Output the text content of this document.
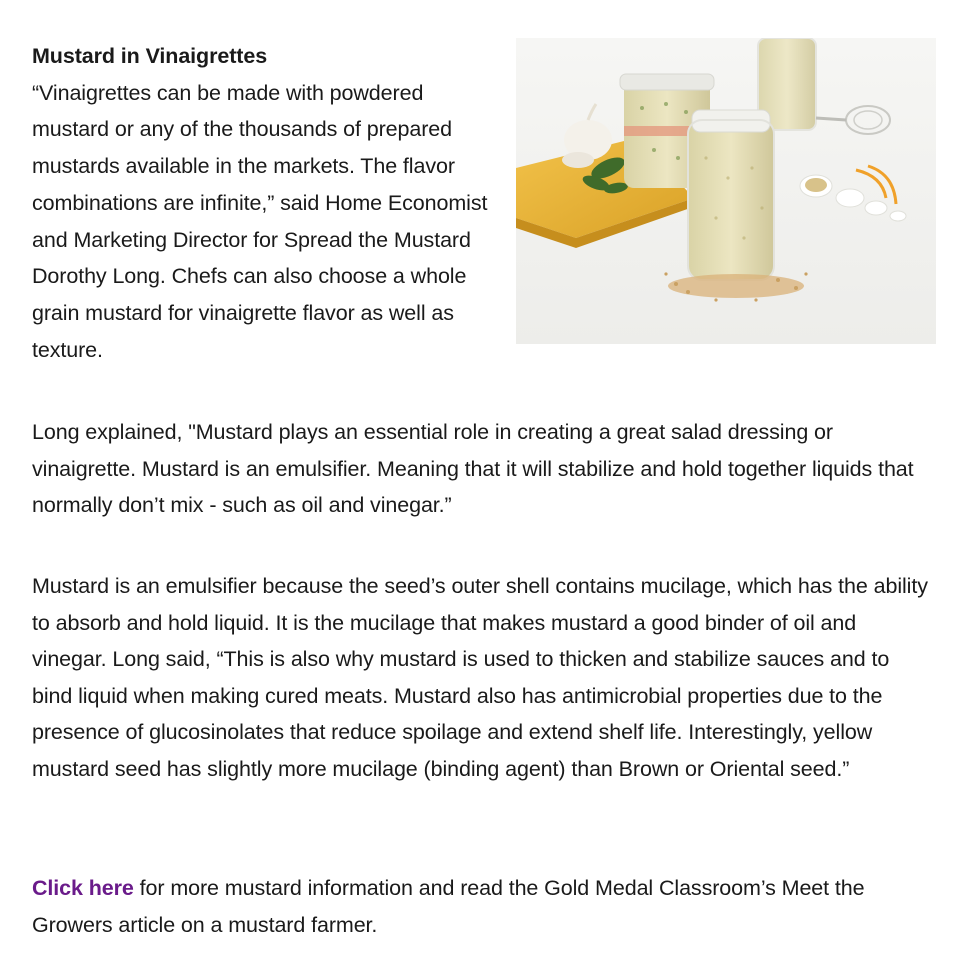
Mustard in Vinaigrettes
“Vinaigrettes can be made with powdered mustard or any of the thousands of prepared mustards available in the markets. The flavor combinations are infinite,” said Home Economist and Marketing Director for Spread the Mustard Dorothy Long. Chefs can also choose a whole grain mustard for vinaigrette flavor as well as texture.

Long explained, "Mustard plays an essential role in creating a great salad dressing or vinaigrette. Mustard is an emulsifier. Meaning that it will stabilize and hold together liquids that normally don’t mix - such as oil and vinegar.”

Mustard is an emulsifier because the seed’s outer shell contains mucilage, which has the ability to absorb and hold liquid. It is the mucilage that makes mustard a good binder of oil and vinegar. Long said, “This is also why mustard is used to thicken and stabilize sauces and to bind liquid when making cured meats. Mustard also has antimicrobial properties due to the presence of glucosinolates that reduce spoilage and extend shelf life. Interestingly, yellow mustard seed has slightly more mucilage (binding agent) than Brown or Oriental seed.”

Click here for more mustard information and read the Gold Medal Classroom’s Meet the Growers article on a mustard farmer.
